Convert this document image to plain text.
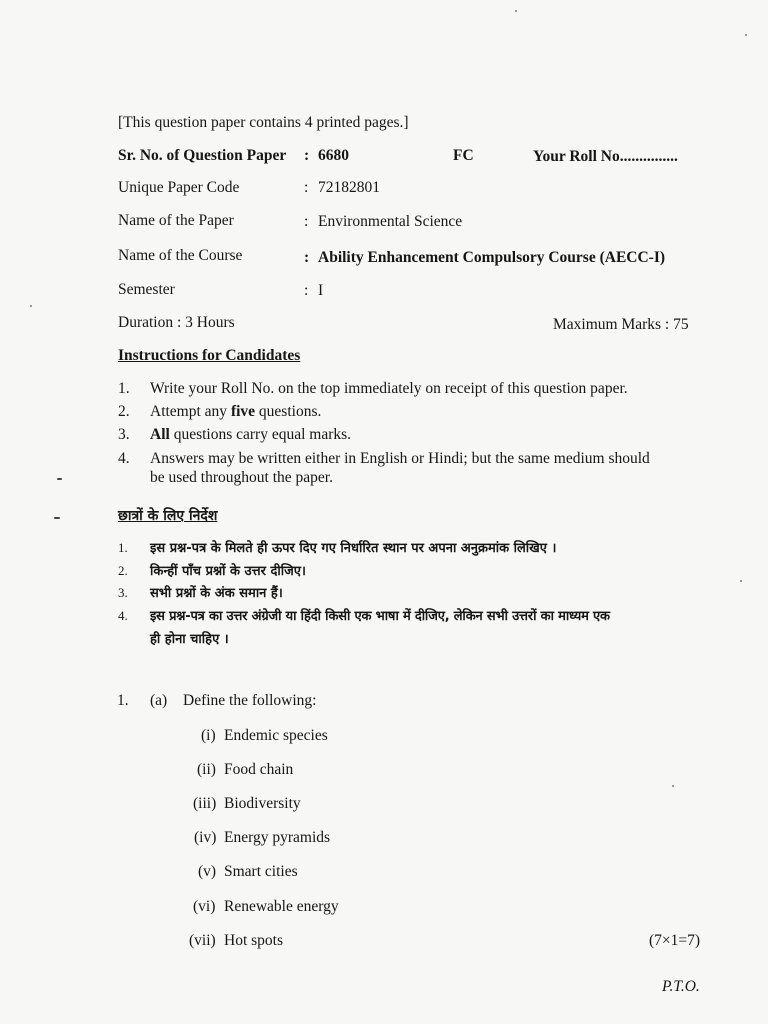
[This question paper contains 4 printed pages.]
Sr. No. of Question Paper : 6680	FC	Your Roll No...............
Unique Paper Code	: 72182801
Name of the Paper	: Environmental Science
Name of the Course	: Ability Enhancement Compulsory Course (AECC-I)
Semester	: I
Duration : 3 Hours	Maximum Marks : 75
Instructions for Candidates
1. Write your Roll No. on the top immediately on receipt of this question paper.
2. Attempt any five questions.
3. All questions carry equal marks.
4. Answers may be written either in English or Hindi; but the same medium should
be used throughout the paper.
छात्रों के लिए निर्देश
1. इस प्रश्न-पत्र के मिलते ही ऊपर दिए गए निर्धारित स्थान पर अपना अनुक्रमांक लिखिए ।
2. किन्हीं पाँच प्रश्नों के उत्तर दीजिए।
3. सभी प्रश्नों के अंक समान हैं।
4. इस प्रश्न-पत्र का उत्तर अंग्रेजी या हिंदी किसी एक भाषा में दीजिए, लेकिन सभी उत्तरों का माध्यम एक
ही होना चाहिए ।
1. (a) Define the following:
(i) Endemic species
(ii) Food chain
(iii) Biodiversity
(iv) Energy pyramids
(v) Smart cities
(vi) Renewable energy
(vii) Hot spots	(7×1=7)
P.T.O.
